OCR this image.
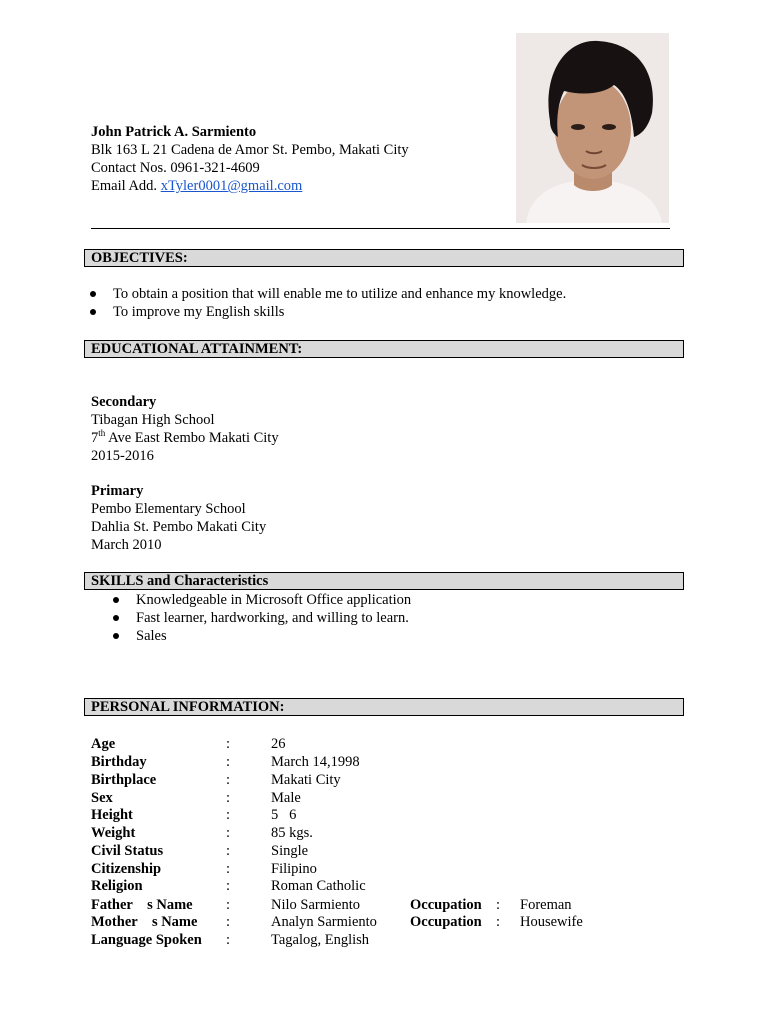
John Patrick A. Sarmiento
Blk 163 L 21 Cadena de Amor St. Pembo, Makati City
Contact Nos. 0961-321-4609
Email Add. xTyler0001@gmail.com
OBJECTIVES:
To obtain a position that will enable me to utilize and enhance my knowledge.
To improve my English skills
EDUCATIONAL ATTAINMENT:
Secondary
Tibagan High School
7th Ave East Rembo Makati City
2015-2016
Primary
Pembo Elementary School
Dahlia St. Pembo Makati City
March 2010
SKILLS and Characteristics
Knowledgeable in Microsoft Office application
Fast learner, hardworking, and willing to learn.
Sales
PERSONAL INFORMATION:
Age	:	26
Birthday	:	March 14,1998
Birthplace	:	Makati City
Sex	:	Male
Height	:	5   6
Weight	:	85 kgs.
Civil Status	:	Single
Citizenship	:	Filipino
Religion	:	Roman Catholic
Father    s Name :	Nilo Sarmiento	Occupation : Foreman
Mother    s Name :	Analyn Sarmiento Occupation : Housewife
Language Spoken :	Tagalog, English
